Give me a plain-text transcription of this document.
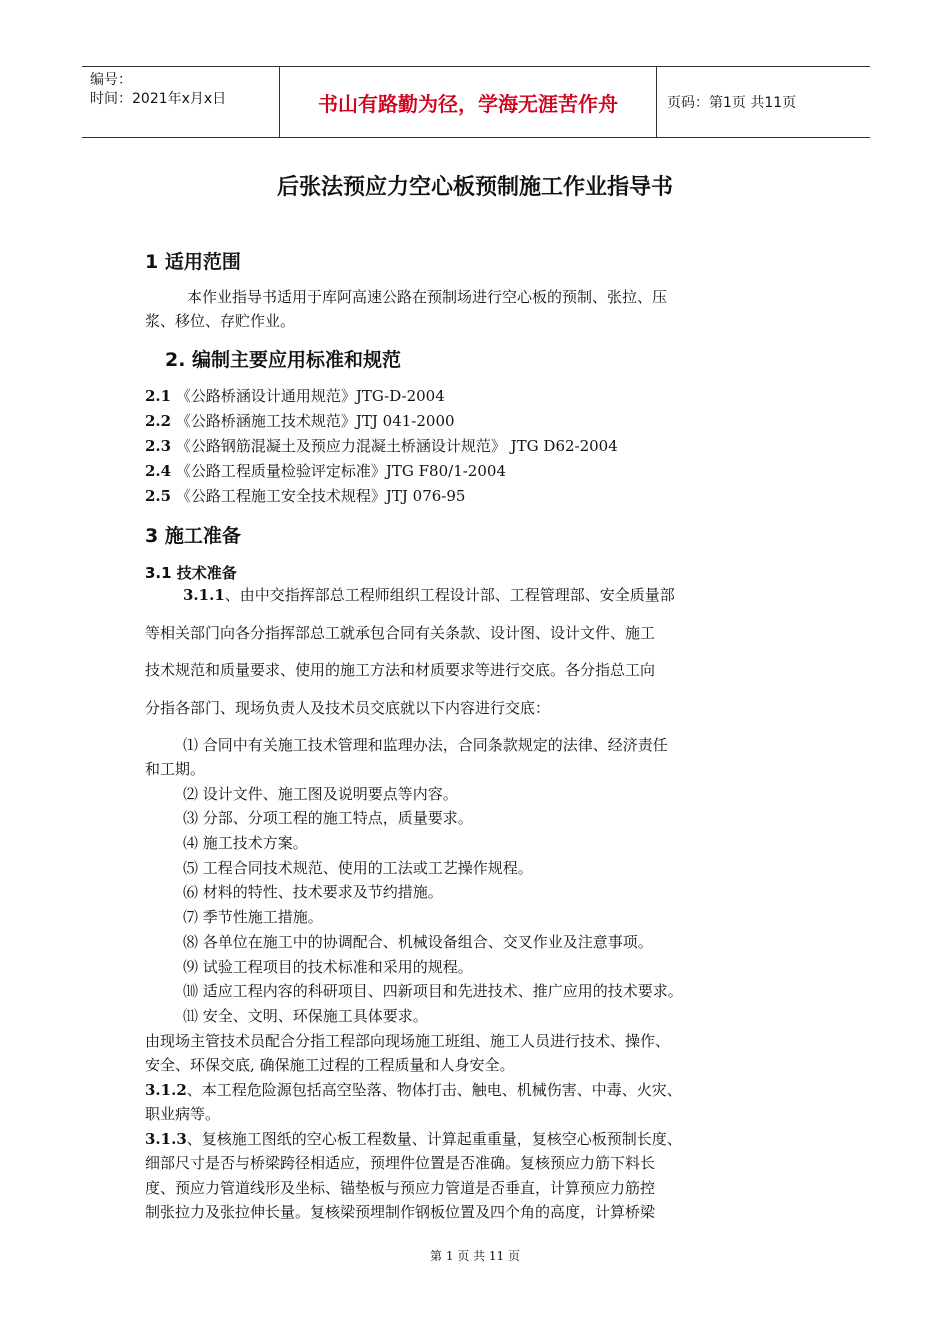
编号：
时间：2021年x月x日	书山有路勤为径，学海无涯苦作舟	页码：第1页 共11页
后张法预应力空心板预制施工作业指导书
1 适用范围
本作业指导书适用于库阿高速公路在预制场进行空心板的预制、张拉、压
浆、移位、存贮作业。
2. 编制主要应用标准和规范
2.1 《公路桥涵设计通用规范》JTG-D-2004
2.2 《公路桥涵施工技术规范》JTJ 041-2000
2.3 《公路钢筋混凝土及预应力混凝土桥涵设计规范》 JTG D62-2004
2.4 《公路工程质量检验评定标准》JTG F80/1-2004
2.5 《公路工程施工安全技术规程》JTJ 076-95
3 施工准备
3.1 技术准备
3.1.1、由中交指挥部总工程师组织工程设计部、工程管理部、安全质量部
等相关部门向各分指挥部总工就承包合同有关条款、设计图、设计文件、施工
技术规范和质量要求、使用的施工方法和材质要求等进行交底。各分指总工向
分指各部门、现场负责人及技术员交底就以下内容进行交底：
⑴ 合同中有关施工技术管理和监理办法，合同条款规定的法律、经济责任
和工期。
⑵ 设计文件、施工图及说明要点等内容。
⑶ 分部、分项工程的施工特点，质量要求。
⑷ 施工技术方案。
⑸ 工程合同技术规范、使用的工法或工艺操作规程。
⑹ 材料的特性、技术要求及节约措施。
⑺ 季节性施工措施。
⑻ 各单位在施工中的协调配合、机械设备组合、交叉作业及注意事项。
⑼ 试验工程项目的技术标准和采用的规程。
⑽ 适应工程内容的科研项目、四新项目和先进技术、推广应用的技术要求。
⑾ 安全、文明、环保施工具体要求。
由现场主管技术员配合分指工程部向现场施工班组、施工人员进行技术、操作、
安全、环保交底, 确保施工过程的工程质量和人身安全。
3.1.2、本工程危险源包括高空坠落、物体打击、触电、机械伤害、中毒、火灾、
职业病等。
3.1.3、复核施工图纸的空心板工程数量、计算起重重量，复核空心板预制长度、
细部尺寸是否与桥梁跨径相适应，预埋件位置是否准确。复核预应力筋下料长
度、预应力管道线形及坐标、锚垫板与预应力管道是否垂直，计算预应力筋控
制张拉力及张拉伸长量。复核梁预埋制作钢板位置及四个角的高度，计算桥梁
第 1 页 共 11 页
